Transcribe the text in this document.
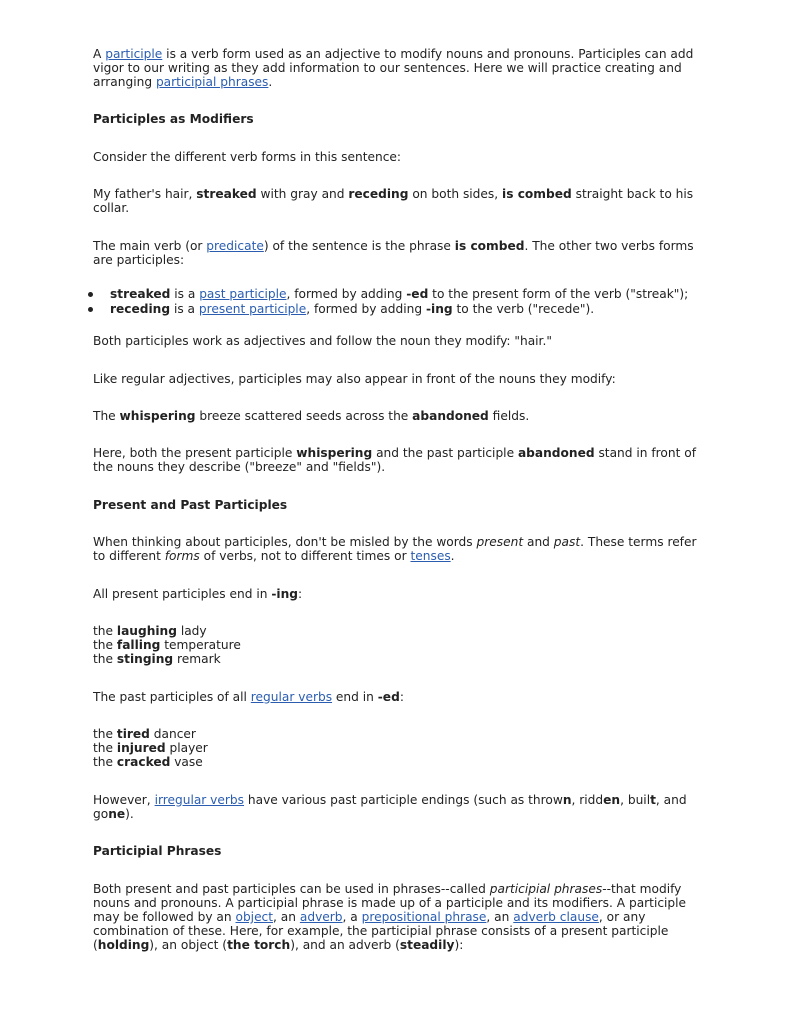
A participle is a verb form used as an adjective to modify nouns and pronouns. Participles can add vigor to our writing as they add information to our sentences. Here we will practice creating and arranging participial phrases.

Participles as Modifiers

Consider the different verb forms in this sentence:

My father's hair, streaked with gray and receding on both sides, is combed straight back to his collar.

The main verb (or predicate) of the sentence is the phrase is combed. The other two verbs forms are participles:

streaked is a past participle, formed by adding -ed to the present form of the verb ("streak");
receding is a present participle, formed by adding -ing to the verb ("recede").

Both participles work as adjectives and follow the noun they modify: "hair."

Like regular adjectives, participles may also appear in front of the nouns they modify:

The whispering breeze scattered seeds across the abandoned fields.

Here, both the present participle whispering and the past participle abandoned stand in front of the nouns they describe ("breeze" and "fields").

Present and Past Participles

When thinking about participles, don't be misled by the words present and past. These terms refer to different forms of verbs, not to different times or tenses.

All present participles end in -ing:

the laughing lady
the falling temperature
the stinging remark

The past participles of all regular verbs end in -ed:

the tired dancer
the injured player
the cracked vase

However, irregular verbs have various past participle endings (such as thrown, ridden, built, and gone).

Participial Phrases

Both present and past participles can be used in phrases--called participial phrases--that modify nouns and pronouns. A participial phrase is made up of a participle and its modifiers. A participle may be followed by an object, an adverb, a prepositional phrase, an adverb clause, or any combination of these. Here, for example, the participial phrase consists of a present participle (holding), an object (the torch), and an adverb (steadily):
